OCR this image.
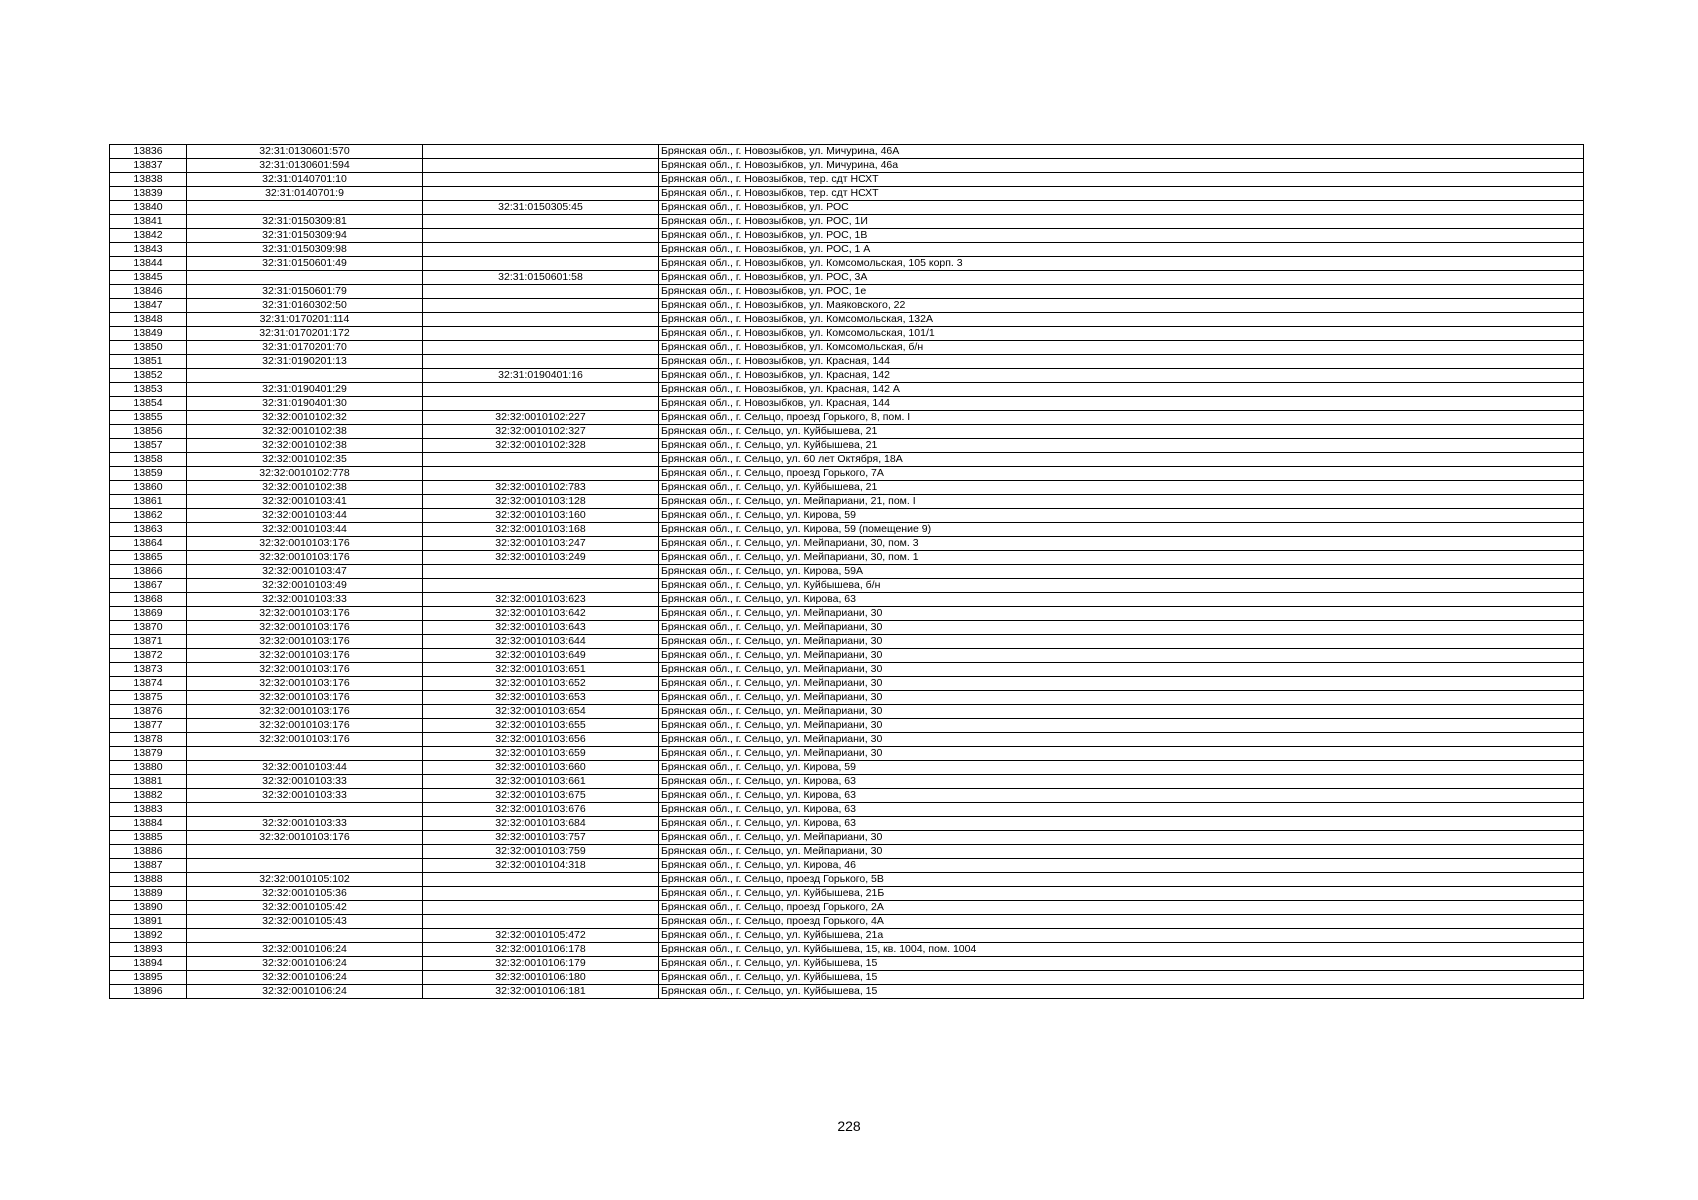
13836	32:31:0130601:570		Брянская обл., г. Новозыбков, ул. Мичурина, 46А
13837	32:31:0130601:594		Брянская обл., г. Новозыбков, ул. Мичурина, 46а
13838	32:31:0140701:10		Брянская обл., г. Новозыбков, тер. сдт НСХТ
13839	32:31:0140701:9		Брянская обл., г. Новозыбков, тер. сдт НСХТ
13840		32:31:0150305:45	Брянская обл., г. Новозыбков, ул. РОС
13841	32:31:0150309:81		Брянская обл., г. Новозыбков, ул. РОС, 1И
13842	32:31:0150309:94		Брянская обл., г. Новозыбков, ул. РОС, 1В
13843	32:31:0150309:98		Брянская обл., г. Новозыбков, ул. РОС, 1 А
13844	32:31:0150601:49		Брянская обл., г. Новозыбков, ул. Комсомольская, 105 корп. 3
13845		32:31:0150601:58	Брянская обл., г. Новозыбков, ул. РОС, 3А
13846	32:31:0150601:79		Брянская обл., г. Новозыбков, ул. РОС, 1е
13847	32:31:0160302:50		Брянская обл., г. Новозыбков, ул. Маяковского, 22
13848	32:31:0170201:114		Брянская обл., г. Новозыбков, ул. Комсомольская, 132А
13849	32:31:0170201:172		Брянская обл., г. Новозыбков, ул. Комсомольская, 101/1
13850	32:31:0170201:70		Брянская обл., г. Новозыбков, ул. Комсомольская, б/н
13851	32:31:0190201:13		Брянская обл., г. Новозыбков, ул. Красная, 144
13852		32:31:0190401:16	Брянская обл., г. Новозыбков, ул. Красная, 142
13853	32:31:0190401:29		Брянская обл., г. Новозыбков, ул. Красная, 142 А
13854	32:31:0190401:30		Брянская обл., г. Новозыбков, ул. Красная, 144
13855	32:32:0010102:32	32:32:0010102:227	Брянская обл., г. Сельцо, проезд Горького, 8, пом. I
13856	32:32:0010102:38	32:32:0010102:327	Брянская обл., г. Сельцо, ул. Куйбышева, 21
13857	32:32:0010102:38	32:32:0010102:328	Брянская обл., г. Сельцо, ул. Куйбышева, 21
13858	32:32:0010102:35		Брянская обл., г. Сельцо, ул. 60 лет Октября, 18А
13859	32:32:0010102:778		Брянская обл., г. Сельцо, проезд Горького, 7А
13860	32:32:0010102:38	32:32:0010102:783	Брянская обл., г. Сельцо, ул. Куйбышева, 21
13861	32:32:0010103:41	32:32:0010103:128	Брянская обл., г. Сельцо, ул. Мейпариани, 21, пом. I
13862	32:32:0010103:44	32:32:0010103:160	Брянская обл., г. Сельцо, ул. Кирова, 59
13863	32:32:0010103:44	32:32:0010103:168	Брянская обл., г. Сельцо, ул. Кирова, 59 (помещение 9)
13864	32:32:0010103:176	32:32:0010103:247	Брянская обл., г. Сельцо, ул. Мейпариани, 30, пом. 3
13865	32:32:0010103:176	32:32:0010103:249	Брянская обл., г. Сельцо, ул. Мейпариани, 30, пом. 1
13866	32:32:0010103:47		Брянская обл., г. Сельцо, ул. Кирова, 59А
13867	32:32:0010103:49		Брянская обл., г. Сельцо, ул. Куйбышева, б/н
13868	32:32:0010103:33	32:32:0010103:623	Брянская обл., г. Сельцо, ул. Кирова, 63
13869	32:32:0010103:176	32:32:0010103:642	Брянская обл., г. Сельцо, ул. Мейпариани, 30
13870	32:32:0010103:176	32:32:0010103:643	Брянская обл., г. Сельцо, ул. Мейпариани, 30
13871	32:32:0010103:176	32:32:0010103:644	Брянская обл., г. Сельцо, ул. Мейпариани, 30
13872	32:32:0010103:176	32:32:0010103:649	Брянская обл., г. Сельцо, ул. Мейпариани, 30
13873	32:32:0010103:176	32:32:0010103:651	Брянская обл., г. Сельцо, ул. Мейпариани, 30
13874	32:32:0010103:176	32:32:0010103:652	Брянская обл., г. Сельцо, ул. Мейпариани, 30
13875	32:32:0010103:176	32:32:0010103:653	Брянская обл., г. Сельцо, ул. Мейпариани, 30
13876	32:32:0010103:176	32:32:0010103:654	Брянская обл., г. Сельцо, ул. Мейпариани, 30
13877	32:32:0010103:176	32:32:0010103:655	Брянская обл., г. Сельцо, ул. Мейпариани, 30
13878	32:32:0010103:176	32:32:0010103:656	Брянская обл., г. Сельцо, ул. Мейпариани, 30
13879		32:32:0010103:659	Брянская обл., г. Сельцо, ул. Мейпариани, 30
13880	32:32:0010103:44	32:32:0010103:660	Брянская обл., г. Сельцо, ул. Кирова, 59
13881	32:32:0010103:33	32:32:0010103:661	Брянская обл., г. Сельцо, ул. Кирова, 63
13882	32:32:0010103:33	32:32:0010103:675	Брянская обл., г. Сельцо, ул. Кирова, 63
13883		32:32:0010103:676	Брянская обл., г. Сельцо, ул. Кирова, 63
13884	32:32:0010103:33	32:32:0010103:684	Брянская обл., г. Сельцо, ул. Кирова, 63
13885	32:32:0010103:176	32:32:0010103:757	Брянская обл., г. Сельцо, ул. Мейпариани, 30
13886		32:32:0010103:759	Брянская обл., г. Сельцо, ул. Мейпариани, 30
13887		32:32:0010104:318	Брянская обл., г. Сельцо, ул. Кирова, 46
13888	32:32:0010105:102		Брянская обл., г. Сельцо, проезд Горького, 5В
13889	32:32:0010105:36		Брянская обл., г. Сельцо, ул. Куйбышева, 21Б
13890	32:32:0010105:42		Брянская обл., г. Сельцо, проезд Горького, 2А
13891	32:32:0010105:43		Брянская обл., г. Сельцо, проезд Горького, 4А
13892		32:32:0010105:472	Брянская обл., г. Сельцо, ул. Куйбышева, 21а
13893	32:32:0010106:24	32:32:0010106:178	Брянская обл., г. Сельцо, ул. Куйбышева, 15, кв. 1004, пом. 1004
13894	32:32:0010106:24	32:32:0010106:179	Брянская обл., г. Сельцо, ул. Куйбышева, 15
13895	32:32:0010106:24	32:32:0010106:180	Брянская обл., г. Сельцо, ул. Куйбышева, 15
13896	32:32:0010106:24	32:32:0010106:181	Брянская обл., г. Сельцо, ул. Куйбышева, 15
228
